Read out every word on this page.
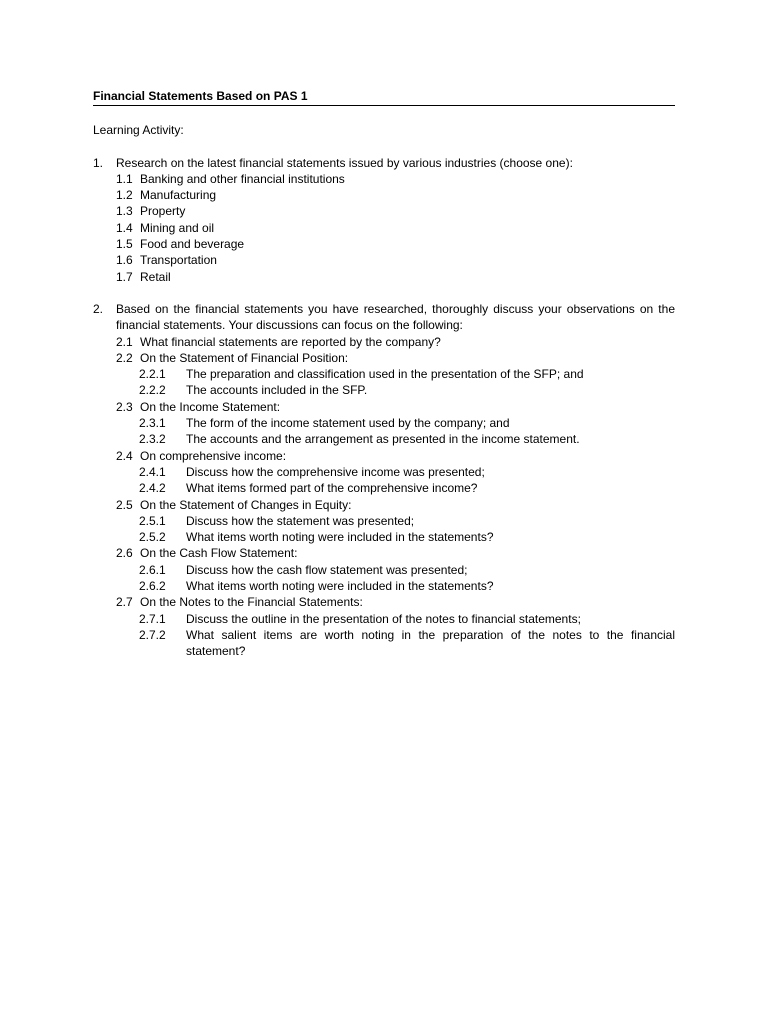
Financial Statements Based on PAS 1
Learning Activity:
1. Research on the latest financial statements issued by various industries (choose one):
1.1 Banking and other financial institutions
1.2 Manufacturing
1.3 Property
1.4 Mining and oil
1.5 Food and beverage
1.6 Transportation
1.7 Retail
2. Based on the financial statements you have researched, thoroughly discuss your observations on the financial statements. Your discussions can focus on the following:
2.1 What financial statements are reported by the company?
2.2 On the Statement of Financial Position:
2.2.1 The preparation and classification used in the presentation of the SFP; and
2.2.2 The accounts included in the SFP.
2.3 On the Income Statement:
2.3.1 The form of the income statement used by the company; and
2.3.2 The accounts and the arrangement as presented in the income statement.
2.4 On comprehensive income:
2.4.1 Discuss how the comprehensive income was presented;
2.4.2 What items formed part of the comprehensive income?
2.5 On the Statement of Changes in Equity:
2.5.1 Discuss how the statement was presented;
2.5.2 What items worth noting were included in the statements?
2.6 On the Cash Flow Statement:
2.6.1 Discuss how the cash flow statement was presented;
2.6.2 What items worth noting were included in the statements?
2.7 On the Notes to the Financial Statements:
2.7.1 Discuss the outline in the presentation of the notes to financial statements;
2.7.2 What salient items are worth noting in the preparation of the notes to the financial statement?
